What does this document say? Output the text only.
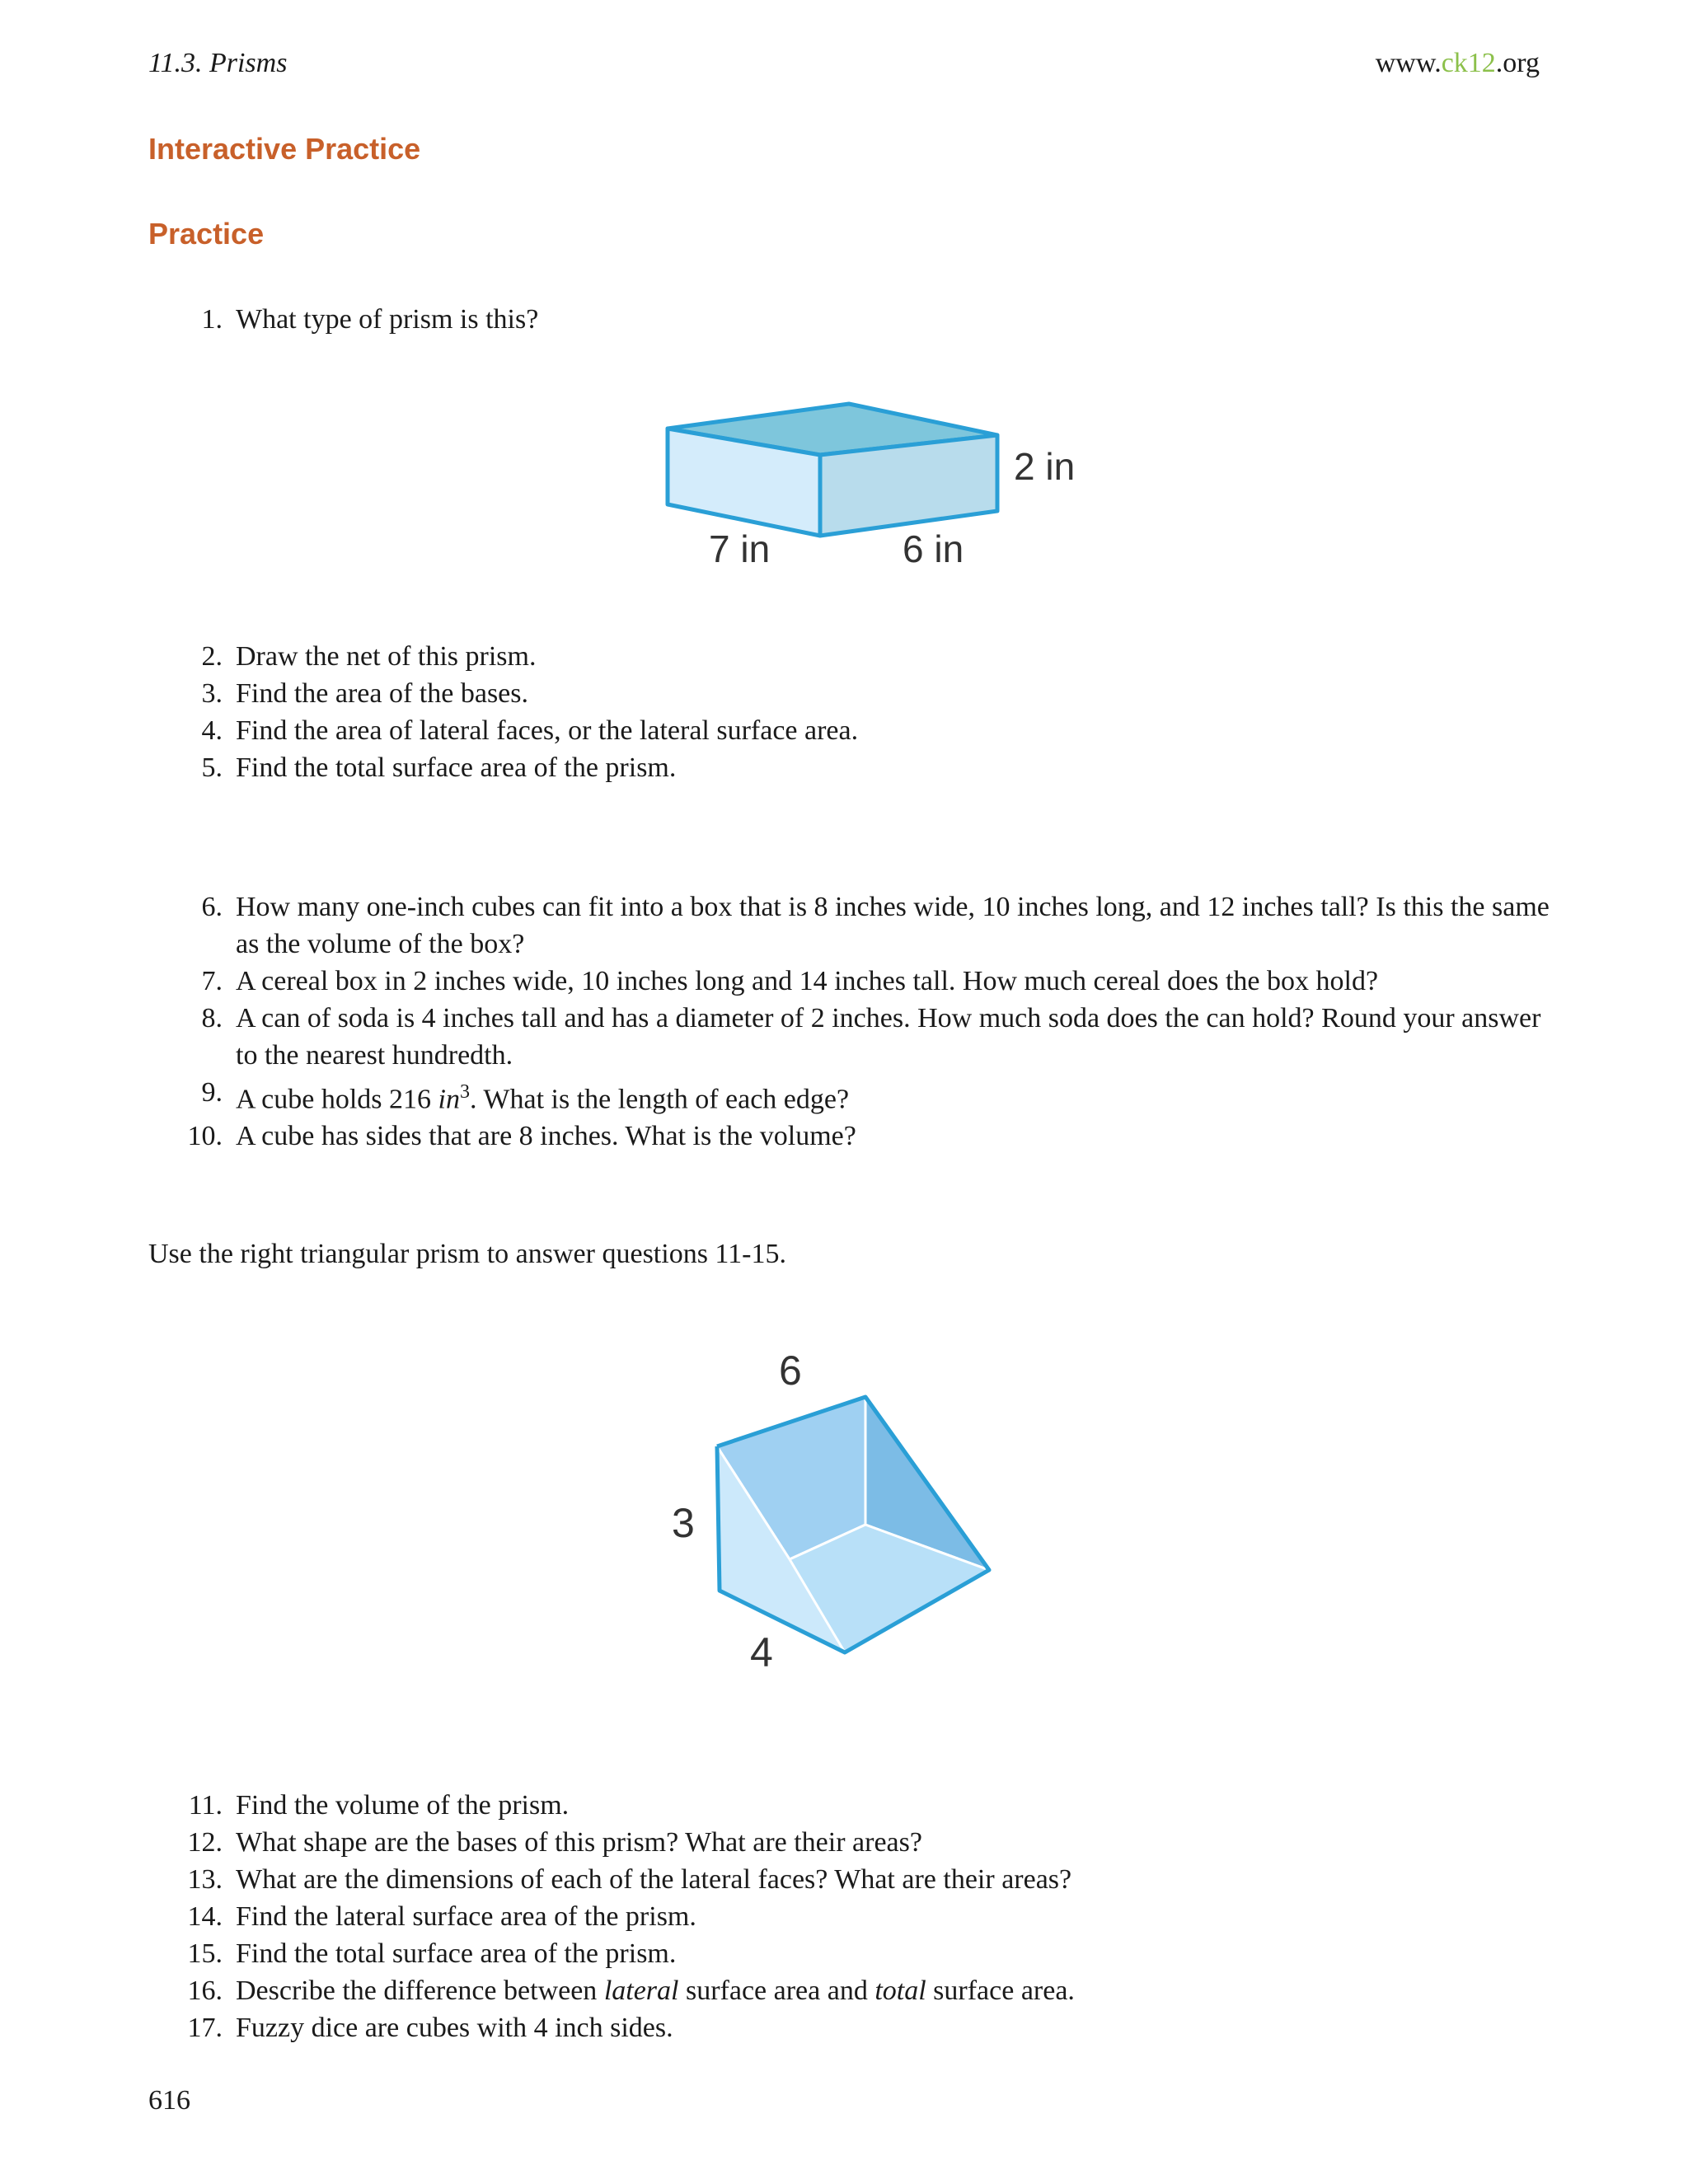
11.3. Prisms	www.ck12.org
Interactive Practice
Practice
1. What type of prism is this?
2 in
7 in	6 in
2. Draw the net of this prism.
3. Find the area of the bases.
4. Find the area of lateral faces, or the lateral surface area.
5. Find the total surface area of the prism.
6. How many one-inch cubes can fit into a box that is 8 inches wide, 10 inches long, and 12 inches tall? Is this the same as the volume of the box?
7. A cereal box in 2 inches wide, 10 inches long and 14 inches tall. How much cereal does the box hold?
8. A can of soda is 4 inches tall and has a diameter of 2 inches. How much soda does the can hold? Round your answer to the nearest hundredth.
9. A cube holds 216 $in^3$. What is the length of each edge?
10. A cube has sides that are 8 inches. What is the volume?
Use the right triangular prism to answer questions 11-15.
6
3
4
11. Find the volume of the prism.
12. What shape are the bases of this prism? What are their areas?
13. What are the dimensions of each of the lateral faces? What are their areas?
14. Find the lateral surface area of the prism.
15. Find the total surface area of the prism.
16. Describe the difference between lateral surface area and total surface area.
17. Fuzzy dice are cubes with 4 inch sides.
616
